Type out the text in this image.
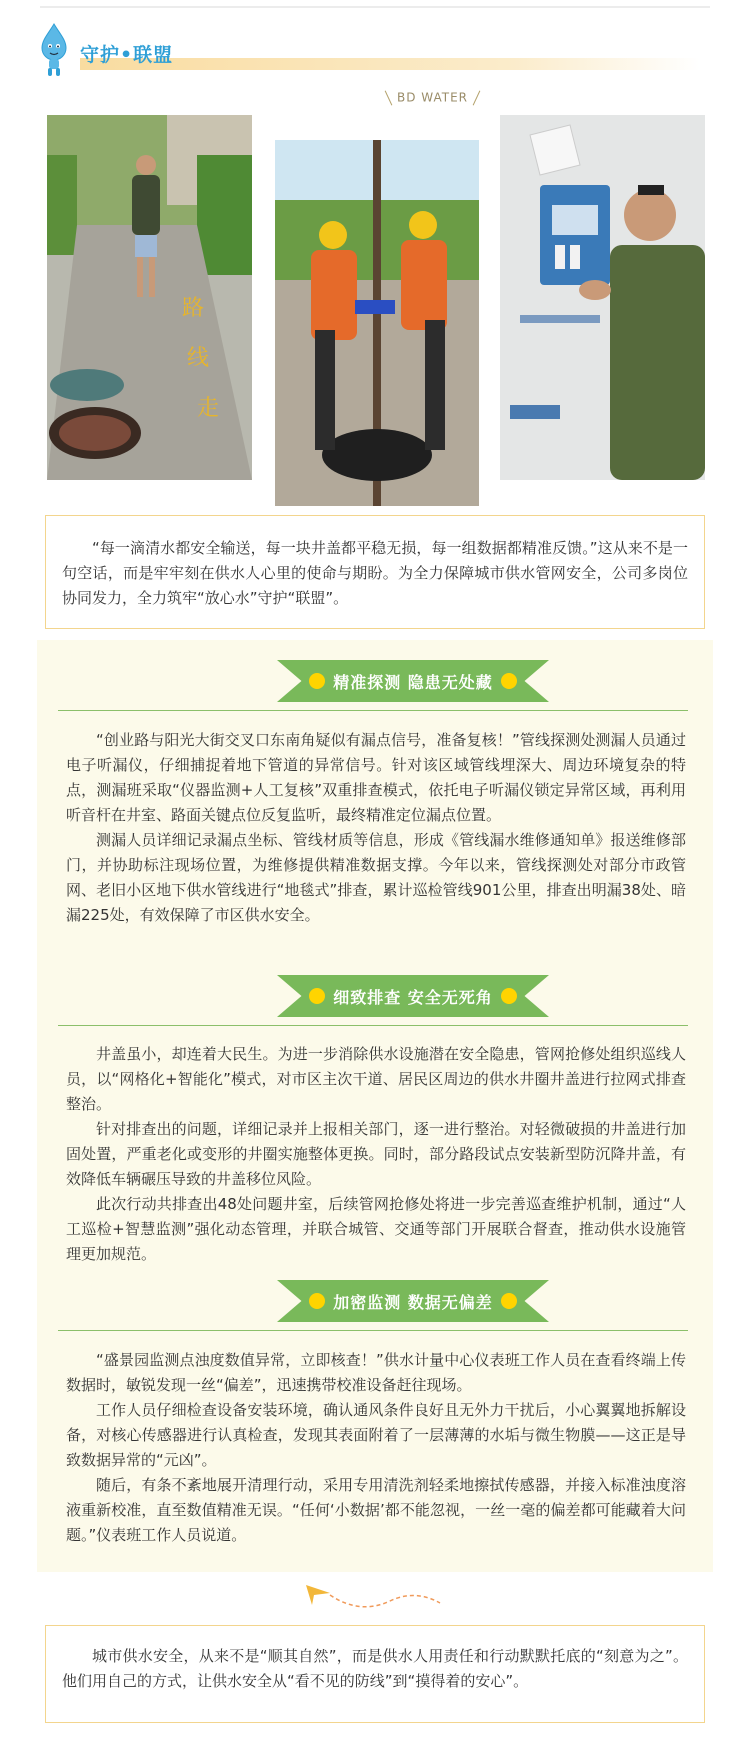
守护•联盟
BD WATER
路
线
走

“每一滴清水都安全输送，每一块井盖都平稳无损，每一组数据都精准反馈。”这从来不是一句空话，而是牢牢刻在供水人心里的使命与期盼。为全力保障城市供水管网安全，公司多岗位协同发力，全力筑牢“放心水”守护“联盟”。

精准探测 隐患无处藏

“创业路与阳光大街交叉口东南角疑似有漏点信号，准备复核！”管线探测处测漏人员通过电子听漏仪，仔细捕捉着地下管道的异常信号。针对该区域管线埋深大、周边环境复杂的特点，测漏班采取“仪器监测+人工复核”双重排查模式，依托电子听漏仪锁定异常区域，再利用听音杆在井室、路面关键点位反复监听，最终精准定位漏点位置。

测漏人员详细记录漏点坐标、管线材质等信息，形成《管线漏水维修通知单》报送维修部门，并协助标注现场位置，为维修提供精准数据支撑。今年以来，管线探测处对部分市政管网、老旧小区地下供水管线进行“地毯式”排查，累计巡检管线901公里，排查出明漏38处、暗漏225处，有效保障了市区供水安全。

细致排查 安全无死角

井盖虽小，却连着大民生。为进一步消除供水设施潜在安全隐患，管网抢修处组织巡线人员，以“网格化+智能化”模式，对市区主次干道、居民区周边的供水井圈井盖进行拉网式排查整治。

针对排查出的问题，详细记录并上报相关部门，逐一进行整治。对轻微破损的井盖进行加固处置，严重老化或变形的井圈实施整体更换。同时，部分路段试点安装新型防沉降井盖，有效降低车辆碾压导致的井盖移位风险。

此次行动共排查出48处问题井室，后续管网抢修处将进一步完善巡查维护机制，通过“人工巡检+智慧监测”强化动态管理，并联合城管、交通等部门开展联合督查，推动供水设施管理更加规范。

加密监测 数据无偏差

“盛景园监测点浊度数值异常，立即核查！”供水计量中心仪表班工作人员在查看终端上传数据时，敏锐发现一丝“偏差”，迅速携带校准设备赶往现场。

工作人员仔细检查设备安装环境，确认通风条件良好且无外力干扰后，小心翼翼地拆解设备，对核心传感器进行认真检查，发现其表面附着了一层薄薄的水垢与微生物膜——这正是导致数据异常的“元凶”。

随后，有条不紊地展开清理行动，采用专用清洗剂轻柔地擦拭传感器，并接入标准浊度溶液重新校准，直至数值精准无误。“任何‘小数据’都不能忽视，一丝一毫的偏差都可能藏着大问题。”仪表班工作人员说道。

城市供水安全，从来不是“顺其自然”，而是供水人用责任和行动默默托底的“刻意为之”。他们用自己的方式，让供水安全从“看不见的防线”到“摸得着的安心”。
